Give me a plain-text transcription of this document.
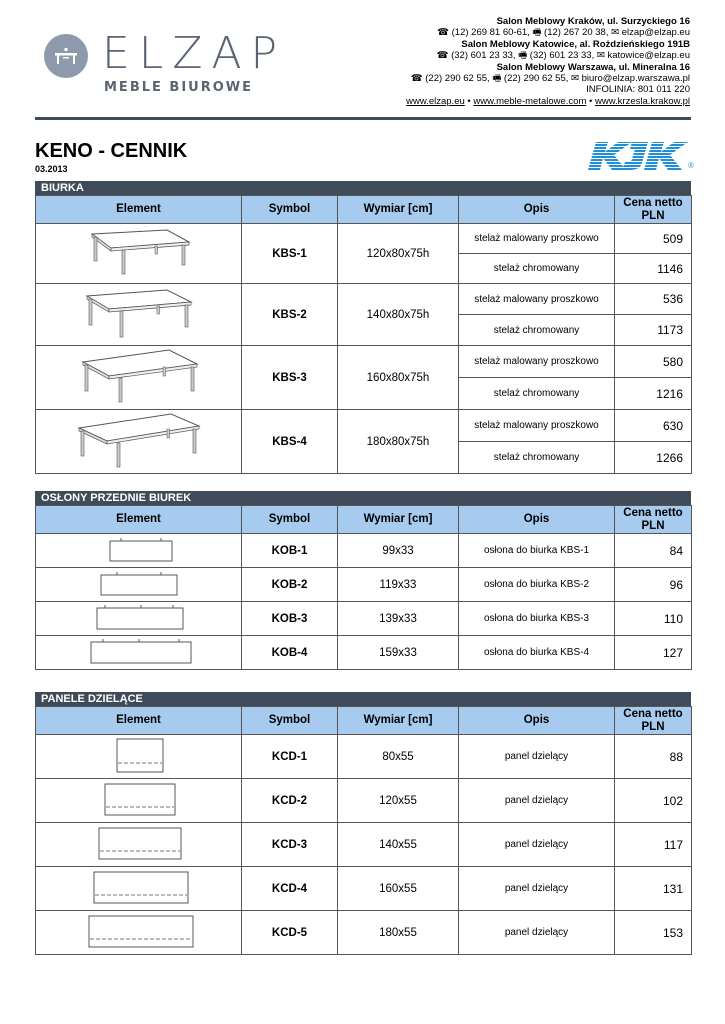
ELZAP
MEBLE BIUROWE
Salon Meblowy Kraków, ul. Surzyckiego 16
☎ (12) 269 81 60-61, 🖷 (12) 267 20 38, ✉ elzap@elzap.eu
Salon Meblowy Katowice, al. Rożdzieńskiego 191B
☎ (32) 601 23 33, 🖷 (32) 601 23 33, ✉ katowice@elzap.eu
Salon Meblowy Warszawa, ul. Mineralna 16
☎ (22) 290 62 55, 🖷 (22) 290 62 55, ✉ biuro@elzap.warszawa.pl
INFOLINIA: 801 011 220
www.elzap.eu • www.meble-metalowe.com • www.krzesla.krakow.pl
KENO - CENNIK
03.2013	®
BIURKA
Element	Symbol	Wymiar [cm]	Opis	Cena netto PLN
	KBS-1	120x80x75h	stelaż malowany proszkowo	509
			stelaż chromowany	1146
	KBS-2	140x80x75h	stelaż malowany proszkowo	536
			stelaż chromowany	1173
	KBS-3	160x80x75h	stelaż malowany proszkowo	580
			stelaż chromowany	1216
	KBS-4	180x80x75h	stelaż malowany proszkowo	630
			stelaż chromowany	1266
OSŁONY PRZEDNIE BIUREK
Element	Symbol	Wymiar [cm]	Opis	Cena netto PLN
	KOB-1	99x33	osłona do biurka KBS-1	84
	KOB-2	119x33	osłona do biurka KBS-2	96
	KOB-3	139x33	osłona do biurka KBS-3	110
	KOB-4	159x33	osłona do biurka KBS-4	127
PANELE DZIELĄCE
Element	Symbol	Wymiar [cm]	Opis	Cena netto PLN
	KCD-1	80x55	panel dzielący	88
	KCD-2	120x55	panel dzielący	102
	KCD-3	140x55	panel dzielący	117
	KCD-4	160x55	panel dzielący	131
	KCD-5	180x55	panel dzielący	153
